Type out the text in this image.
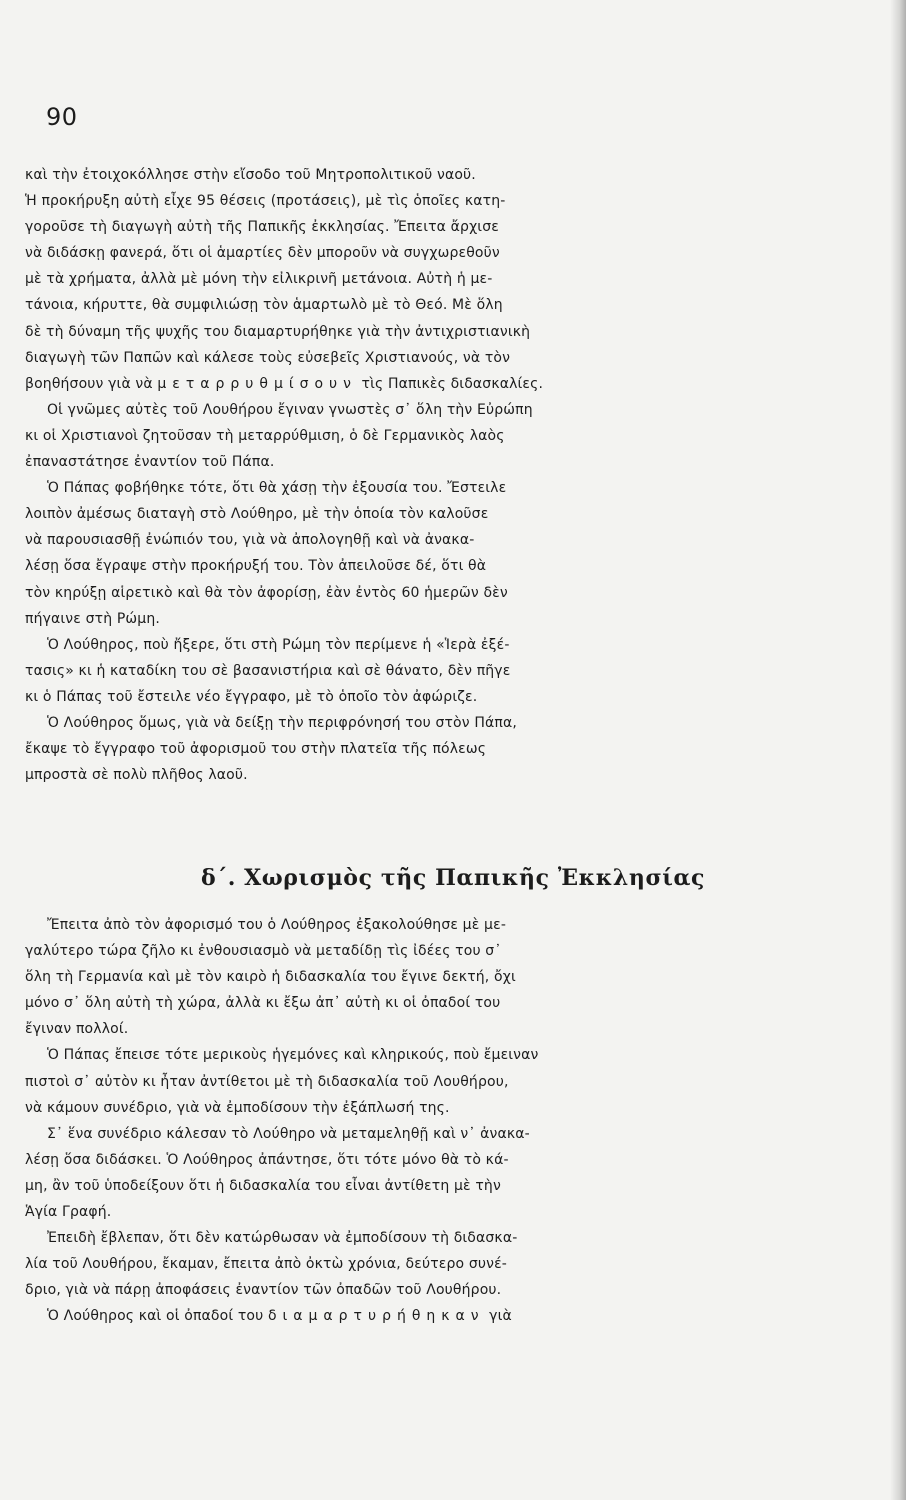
90
καὶ τὴν ἐτοιχοκόλλησε στὴν εἴσοδο τοῦ Μητροπολιτικοῦ ναοῦ.
Ἡ προκήρυξη αὐτὴ εἶχε 95 θέσεις (προτάσεις), μὲ τὶς ὁποῖες κατη-
γοροῦσε τὴ διαγωγὴ αὐτὴ τῆς Παπικῆς ἐκκλησίας. Ἔπειτα ἄρχισε
νὰ διδάσκῃ φανερά, ὅτι οἱ ἁμαρτίες δὲν μποροῦν νὰ συγχωρεθοῦν
μὲ τὰ χρήματα, ἀλλὰ μὲ μόνη τὴν εἰλικρινῆ μετάνοια. Αὐτὴ ἡ με-
τάνοια, κήρυττε, θὰ συμφιλιώσῃ τὸν ἁμαρτωλὸ μὲ τὸ Θεό. Μὲ ὅλη
δὲ τὴ δύναμη τῆς ψυχῆς του διαμαρτυρήθηκε γιὰ τὴν ἀντιχριστιανικὴ
διαγωγὴ τῶν Παπῶν καὶ κάλεσε τοὺς εὐσεβεῖς Χριστιανούς, νὰ τὸν
βοηθήσουν γιὰ νὰ μεταρρυθμίσουν τὶς Παπικὲς διδασκαλίες.
Οἱ γνῶμες αὐτὲς τοῦ Λουθήρου ἔγιναν γνωστὲς σ᾽ ὅλη τὴν Εὐρώπη
κι οἱ Χριστιανοὶ ζητοῦσαν τὴ μεταρρύθμιση, ὁ δὲ Γερμανικὸς λαὸς
ἐπαναστάτησε ἐναντίον τοῦ Πάπα.
Ὁ Πάπας φοβήθηκε τότε, ὅτι θὰ χάσῃ τὴν ἐξουσία του. Ἔστειλε
λοιπὸν ἀμέσως διαταγὴ στὸ Λούθηρο, μὲ τὴν ὁποία τὸν καλοῦσε
νὰ παρουσιασθῇ ἐνώπιόν του, γιὰ νὰ ἀπολογηθῇ καὶ νὰ ἀνακα-
λέσῃ ὅσα ἔγραψε στὴν προκήρυξή του. Τὸν ἀπειλοῦσε δέ, ὅτι θὰ
τὸν κηρύξῃ αἱρετικὸ καὶ θὰ τὸν ἀφορίσῃ, ἐὰν ἐντὸς 60 ἡμερῶν δὲν
πήγαινε στὴ Ρώμη.
Ὁ Λούθηρος, ποὺ ἤξερε, ὅτι στὴ Ρώμη τὸν περίμενε ἡ «Ἱερὰ ἐξέ-
τασις» κι ἡ καταδίκη του σὲ βασανιστήρια καὶ σὲ θάνατο, δὲν πῆγε
κι ὁ Πάπας τοῦ ἔστειλε νέο ἔγγραφο, μὲ τὸ ὁποῖο τὸν ἀφώριζε.
Ὁ Λούθηρος ὅμως, γιὰ νὰ δείξῃ τὴν περιφρόνησή του στὸν Πάπα,
ἔκαψε τὸ ἔγγραφο τοῦ ἀφορισμοῦ του στὴν πλατεῖα τῆς πόλεως
μπροστὰ σὲ πολὺ πλῆθος λαοῦ.
δ΄. Χωρισμὸς τῆς Παπικῆς Ἐκκλησίας
Ἔπειτα ἀπὸ τὸν ἀφορισμό του ὁ Λούθηρος ἐξακολούθησε μὲ με-
γαλύτερο τώρα ζῆλο κι ἐνθουσιασμὸ νὰ μεταδίδῃ τὶς ἰδέες του σ᾽
ὅλη τὴ Γερμανία καὶ μὲ τὸν καιρὸ ἡ διδασκαλία του ἔγινε δεκτή, ὄχι
μόνο σ᾽ ὅλη αὐτὴ τὴ χώρα, ἀλλὰ κι ἔξω ἀπ᾽ αὐτὴ κι οἱ ὀπαδοί του
ἔγιναν πολλοί.
Ὁ Πάπας ἔπεισε τότε μερικοὺς ἡγεμόνες καὶ κληρικούς, ποὺ ἔμειναν
πιστοὶ σ᾽ αὐτὸν κι ἦταν ἀντίθετοι μὲ τὴ διδασκαλία τοῦ Λουθήρου,
νὰ κάμουν συνέδριο, γιὰ νὰ ἐμποδίσουν τὴν ἐξάπλωσή της.
Σ᾽ ἕνα συνέδριο κάλεσαν τὸ Λούθηρο νὰ μεταμεληθῇ καὶ ν᾽ ἀνακα-
λέσῃ ὅσα διδάσκει. Ὁ Λούθηρος ἀπάντησε, ὅτι τότε μόνο θὰ τὸ κά-
μη, ἂν τοῦ ὑποδείξουν ὅτι ἡ διδασκαλία του εἶναι ἀντίθετη μὲ τὴν
Ἁγία Γραφή.
Ἐπειδὴ ἔβλεπαν, ὅτι δὲν κατώρθωσαν νὰ ἐμποδίσουν τὴ διδασκα-
λία τοῦ Λουθήρου, ἔκαμαν, ἔπειτα ἀπὸ ὀκτὼ χρόνια, δεύτερο συνέ-
δριο, γιὰ νὰ πάρῃ ἀποφάσεις ἐναντίον τῶν ὀπαδῶν τοῦ Λουθήρου.
Ὁ Λούθηρος καὶ οἱ ὀπαδοί του διαμαρτυρήθηκαν γιὰ
